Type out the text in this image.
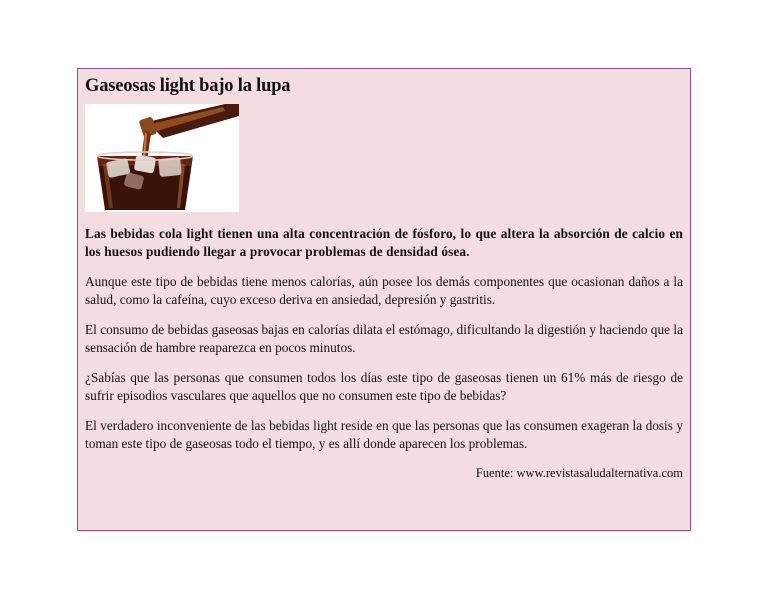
Gaseosas light bajo la lupa

Las bebidas cola light tienen una alta concentración de fósforo, lo que altera la absorción de calcio en los huesos pudiendo llegar a provocar problemas de densidad ósea.

Aunque este tipo de bebidas tiene menos calorías, aún posee los demás componentes que ocasionan daños a la salud, como la cafeína, cuyo exceso deriva en ansiedad, depresión y gastritis.

El consumo de bebidas gaseosas bajas en calorías dilata el estómago, dificultando la digestión y haciendo que la sensación de hambre reaparezca en pocos minutos.

¿Sabías que las personas que consumen todos los días este tipo de gaseosas tienen un 61% más de riesgo de sufrir episodios vasculares que aquellos que no consumen este tipo de bebidas?

El verdadero inconveniente de las bebidas light reside en que las personas que las consumen exageran la dosis y toman este tipo de gaseosas todo el tiempo, y es allí donde aparecen los problemas.

Fuente: www.revistasaludalternativa.com
